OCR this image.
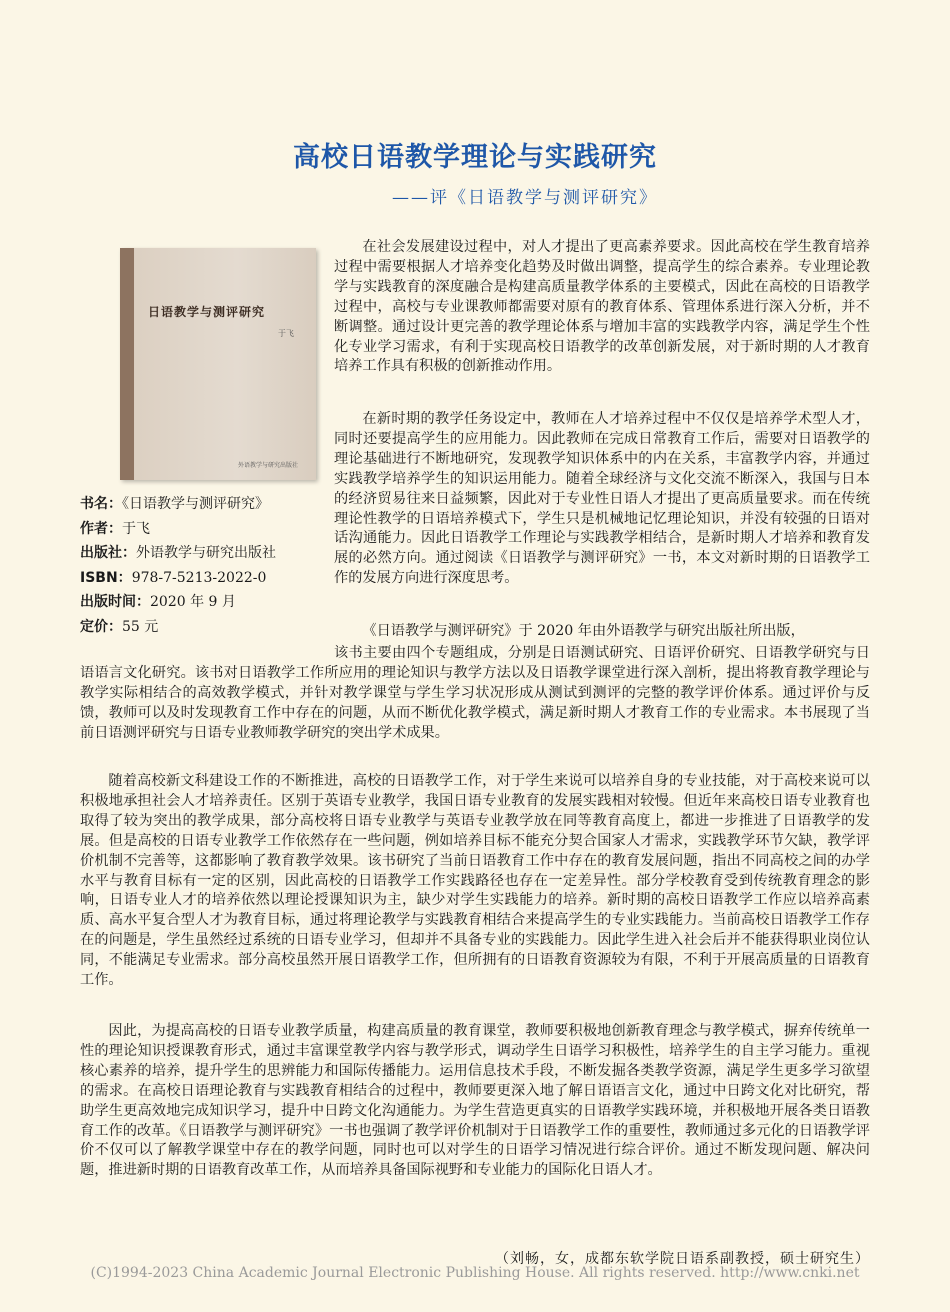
高校日语教学理论与实践研究
——评《日语教学与测评研究》
日语教学与测评研究
于飞
外语教学与研究出版社
书名：《日语教学与测评研究》
作者：于飞
出版社：外语教学与研究出版社
ISBN：978-7-5213-2022-0
出版时间：2020 年 9 月
定价：55 元

在社会发展建设过程中，对人才提出了更高素养要求。因此高校在学生教育培养过程中需要根据人才培养变化趋势及时做出调整，提高学生的综合素养。专业理论教学与实践教育的深度融合是构建高质量教学体系的主要模式，因此在高校的日语教学过程中，高校与专业课教师都需要对原有的教育体系、管理体系进行深入分析，并不断调整。通过设计更完善的教学理论体系与增加丰富的实践教学内容，满足学生个性化专业学习需求，有利于实现高校日语教学的改革创新发展，对于新时期的人才教育培养工作具有积极的创新推动作用。

在新时期的教学任务设定中，教师在人才培养过程中不仅仅是培养学术型人才，同时还要提高学生的应用能力。因此教师在完成日常教育工作后，需要对日语教学的理论基础进行不断地研究，发现教学知识体系中的内在关系，丰富教学内容，并通过实践教学培养学生的知识运用能力。随着全球经济与文化交流不断深入，我国与日本的经济贸易往来日益频繁，因此对于专业性日语人才提出了更高质量要求。而在传统理论性教学的日语培养模式下，学生只是机械地记忆理论知识，并没有较强的日语对话沟通能力。因此日语教学工作理论与实践教学相结合，是新时期人才培养和教育发展的必然方向。通过阅读《日语教学与测评研究》一书，本文对新时期的日语教学工作的发展方向进行深度思考。

《日语教学与测评研究》于 2020 年由外语教学与研究出版社所出版，

该书主要由四个专题组成，分别是日语测试研究、日语评价研究、日语教学研究与日语语言文化研究。该书对日语教学工作所应用的理论知识与教学方法以及日语教学课堂进行深入剖析，提出将教育教学理论与教学实际相结合的高效教学模式，并针对教学课堂与学生学习状况形成从测试到测评的完整的教学评价体系。通过评价与反馈，教师可以及时发现教育工作中存在的问题，从而不断优化教学模式，满足新时期人才教育工作的专业需求。本书展现了当前日语测评研究与日语专业教师教学研究的突出学术成果。

随着高校新文科建设工作的不断推进，高校的日语教学工作，对于学生来说可以培养自身的专业技能，对于高校来说可以积极地承担社会人才培养责任。区别于英语专业教学，我国日语专业教育的发展实践相对较慢。但近年来高校日语专业教育也取得了较为突出的教学成果，部分高校将日语专业教学与英语专业教学放在同等教育高度上，都进一步推进了日语教学的发展。但是高校的日语专业教学工作依然存在一些问题，例如培养目标不能充分契合国家人才需求，实践教学环节欠缺，教学评价机制不完善等，这都影响了教育教学效果。该书研究了当前日语教育工作中存在的教育发展问题，指出不同高校之间的办学水平与教育目标有一定的区别，因此高校的日语教学工作实践路径也存在一定差异性。部分学校教育受到传统教育理念的影响，日语专业人才的培养依然以理论授课知识为主，缺少对学生实践能力的培养。新时期的高校日语教学工作应以培养高素质、高水平复合型人才为教育目标，通过将理论教学与实践教育相结合来提高学生的专业实践能力。当前高校日语教学工作存在的问题是，学生虽然经过系统的日语专业学习，但却并不具备专业的实践能力。因此学生进入社会后并不能获得职业岗位认同，不能满足专业需求。部分高校虽然开展日语教学工作，但所拥有的日语教育资源较为有限，不利于开展高质量的日语教育工作。

因此，为提高高校的日语专业教学质量，构建高质量的教育课堂，教师要积极地创新教育理念与教学模式，摒弃传统单一性的理论知识授课教育形式，通过丰富课堂教学内容与教学形式，调动学生日语学习积极性，培养学生的自主学习能力。重视核心素养的培养，提升学生的思辨能力和国际传播能力。运用信息技术手段，不断发掘各类教学资源，满足学生更多学习欲望的需求。在高校日语理论教育与实践教育相结合的过程中，教师要更深入地了解日语语言文化，通过中日跨文化对比研究，帮助学生更高效地完成知识学习，提升中日跨文化沟通能力。为学生营造更真实的日语教学实践环境，并积极地开展各类日语教育工作的改革。《日语教学与测评研究》一书也强调了教学评价机制对于日语教学工作的重要性，教师通过多元化的日语教学评价不仅可以了解教学课堂中存在的教学问题，同时也可以对学生的日语学习情况进行综合评价。通过不断发现问题、解决问题，推进新时期的日语教育改革工作，从而培养具备国际视野和专业能力的国际化日语人才。

（刘畅，女，成都东软学院日语系副教授，硕士研究生）
(C)1994-2023 China Academic Journal Electronic Publishing House. All rights reserved. http://www.cnki.net
